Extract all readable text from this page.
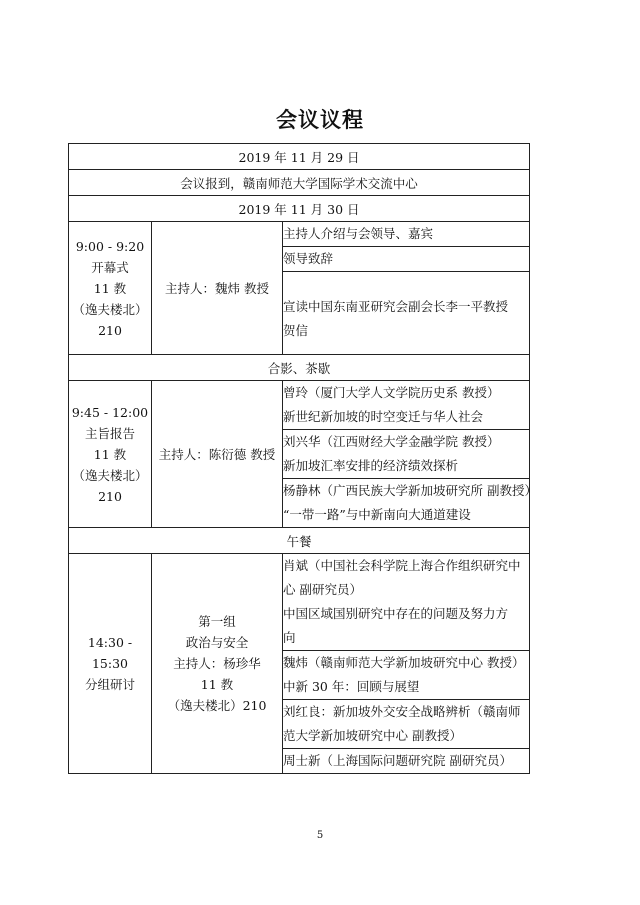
会议议程
2019 年 11 月 29 日		
会议报到，赣南师范大学国际学术交流中心		
2019 年 11 月 30 日		

9:00 - 9:20
开幕式
11 教
（逸夫楼北）
210	主持人：魏炜 教授	主持人介绍与会领导、嘉宾

		领导致辞

		宣读中国东南亚研究会副会长李一平教授
贺信

合影、茶歇		

9:45 - 12:00
主旨报告
11 教
（逸夫楼北）
210	主持人：陈衍德 教授	曾玲（厦门大学人文学院历史系 教授）
新世纪新加坡的时空变迁与华人社会

		刘兴华（江西财经大学金融学院 教授）
新加坡汇率安排的经济绩效探析

		杨静林（广西民族大学新加坡研究所 副教授）
“一带一路”与中新南向大通道建设

午餐		

14:30 -
15:30
分组研讨	第一组
政治与安全
主持人：杨珍华
11 教
（逸夫楼北）210	肖斌（中国社会科学院上海合作组织研究中
心 副研究员）
中国区域国别研究中存在的问题及努力方
向

		魏炜（赣南师范大学新加坡研究中心 教授）
中新 30 年：回顾与展望

		刘红良：新加坡外交安全战略辨析（赣南师
范大学新加坡研究中心 副教授）

		周士新（上海国际问题研究院 副研究员）
5
